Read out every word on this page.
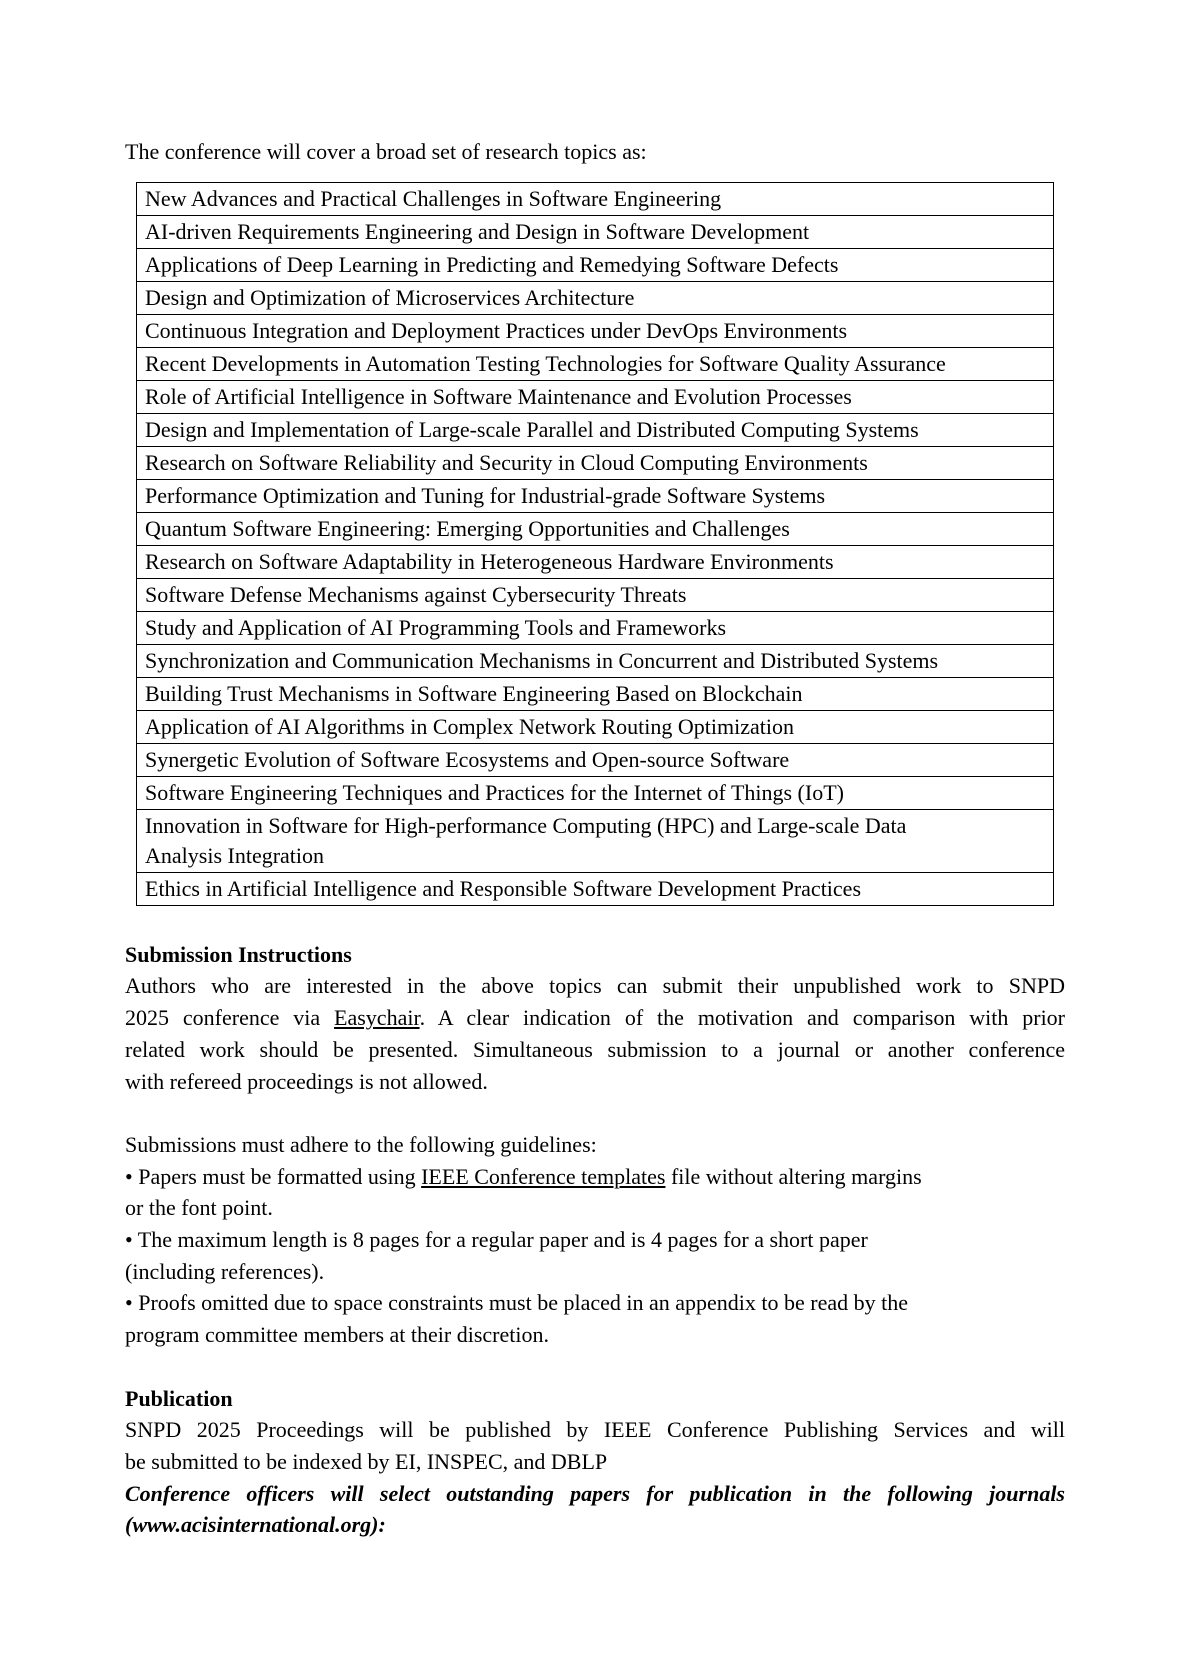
The conference will cover a broad set of research topics as:
New Advances and Practical Challenges in Software Engineering

AI-driven Requirements Engineering and Design in Software Development

Applications of Deep Learning in Predicting and Remedying Software Defects

Design and Optimization of Microservices Architecture

Continuous Integration and Deployment Practices under DevOps Environments

Recent Developments in Automation Testing Technologies for Software Quality Assurance

Role of Artificial Intelligence in Software Maintenance and Evolution Processes

Design and Implementation of Large-scale Parallel and Distributed Computing Systems

Research on Software Reliability and Security in Cloud Computing Environments

Performance Optimization and Tuning for Industrial-grade Software Systems

Quantum Software Engineering: Emerging Opportunities and Challenges

Research on Software Adaptability in Heterogeneous Hardware Environments

Software Defense Mechanisms against Cybersecurity Threats

Study and Application of AI Programming Tools and Frameworks

Synchronization and Communication Mechanisms in Concurrent and Distributed Systems

Building Trust Mechanisms in Software Engineering Based on Blockchain

Application of AI Algorithms in Complex Network Routing Optimization

Synergetic Evolution of Software Ecosystems and Open-source Software

Software Engineering Techniques and Practices for the Internet of Things (IoT)

Innovation in Software for High-performance Computing (HPC) and Large-scale Data
Analysis Integration

Ethics in Artificial Intelligence and Responsible Software Development Practices
Submission Instructions
Authors who are interested in the above topics can submit their unpublished work to SNPD
2025 conference via Easychair. A clear indication of the motivation and comparison with prior
related work should be presented. Simultaneous submission to a journal or another conference
with refereed proceedings is not allowed.
Submissions must adhere to the following guidelines:
• Papers must be formatted using IEEE Conference templates file without altering margins
or the font point.
• The maximum length is 8 pages for a regular paper and is 4 pages for a short paper
(including references).
• Proofs omitted due to space constraints must be placed in an appendix to be read by the
program committee members at their discretion.
Publication
SNPD 2025 Proceedings will be published by IEEE Conference Publishing Services and will
be submitted to be indexed by EI, INSPEC, and DBLP
Conference officers will select outstanding papers for publication in the following journals
(www.acisinternational.org):
